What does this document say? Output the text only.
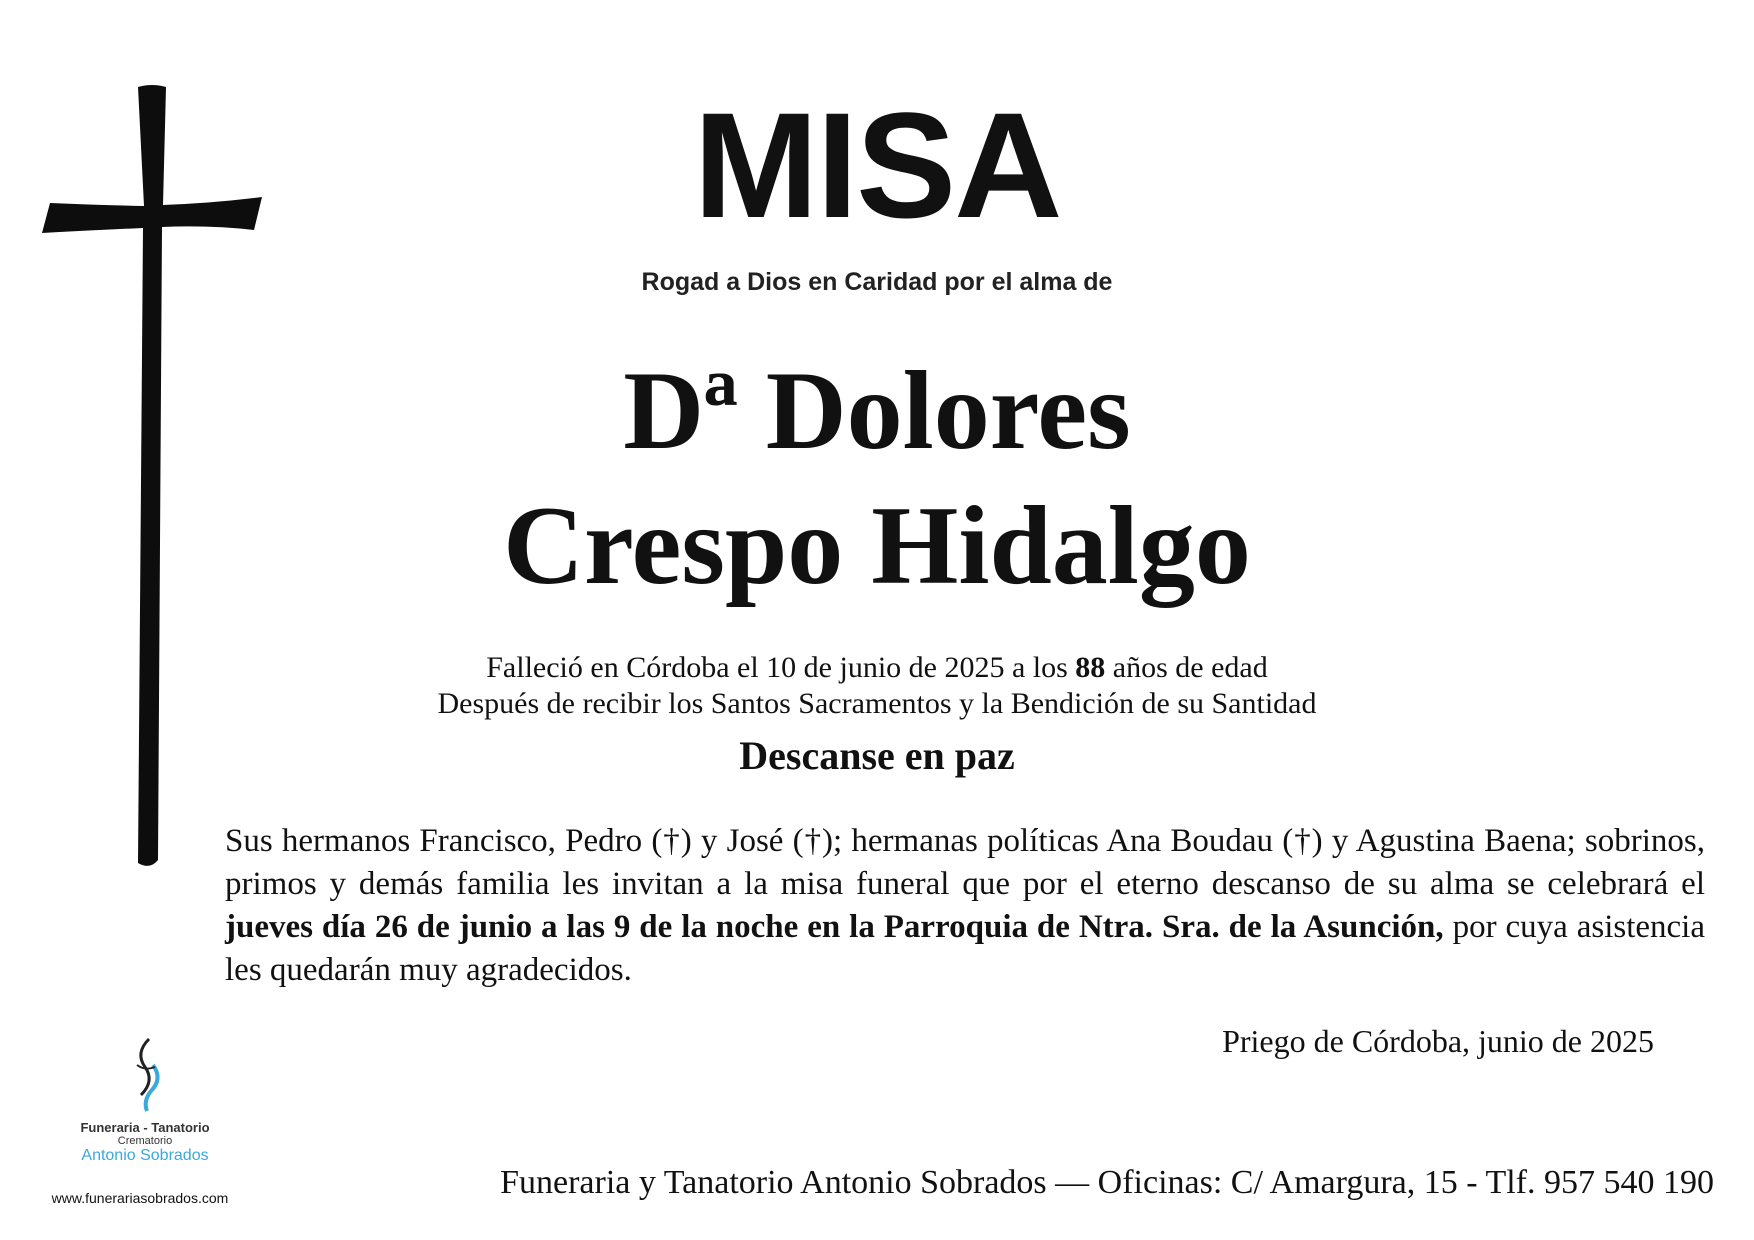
MISA
Rogad a Dios en Caridad por el alma de
Dª Dolores
Crespo Hidalgo
Falleció en Córdoba el 10 de junio de 2025 a los 88 años de edad
Después de recibir los Santos Sacramentos y la Bendición de su Santidad
Descanse en paz
Sus hermanos Francisco, Pedro (†) y José (†); hermanas políticas Ana Boudau (†) y Agustina Baena; sobrinos, primos y demás familia les invitan a la misa funeral que por el eterno descanso de su alma se celebrará el jueves día 26 de junio a las 9 de la noche en la Parroquia de Ntra. Sra. de la Asunción, por cuya asistencia les quedarán muy agradecidos.
Priego de Córdoba, junio de 2025
Funeraria - Tanatorio
Crematorio
Antonio Sobrados
www.funerariasobrados.com	Funeraria y Tanatorio Antonio Sobrados — Oficinas: C/ Amargura, 15 - Tlf. 957 540 190
